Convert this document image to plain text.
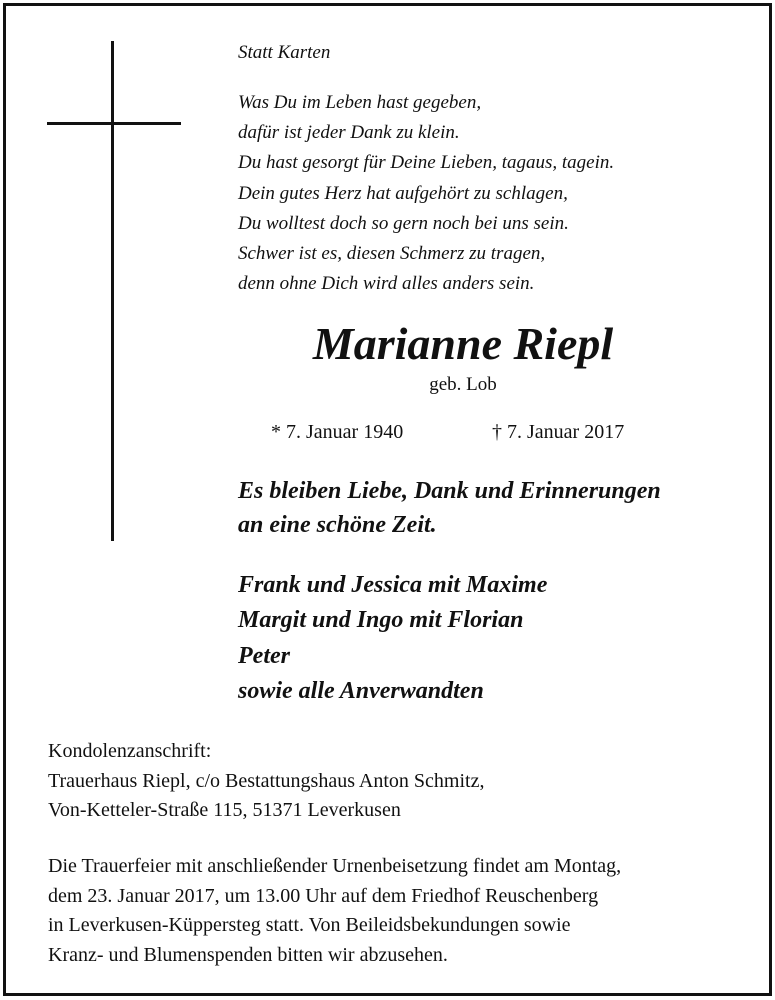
Statt Karten
Was Du im Leben hast gegeben,
dafür ist jeder Dank zu klein.
Du hast gesorgt für Deine Lieben, tagaus, tagein.
Dein gutes Herz hat aufgehört zu schlagen,
Du wolltest doch so gern noch bei uns sein.
Schwer ist es, diesen Schmerz zu tragen,
denn ohne Dich wird alles anders sein.
Marianne Riepl
geb. Lob
* 7. Januar 1940	† 7. Januar 2017
Es bleiben Liebe, Dank und Erinnerungen
an eine schöne Zeit.
Frank und Jessica mit Maxime
Margit und Ingo mit Florian
Peter
sowie alle Anverwandten
Kondolenzanschrift:
Trauerhaus Riepl, c/o Bestattungshaus Anton Schmitz,
Von-Ketteler-Straße 115, 51371 Leverkusen
Die Trauerfeier mit anschließender Urnenbeisetzung findet am Montag,
dem 23. Januar 2017, um 13.00 Uhr auf dem Friedhof Reuschenberg
in Leverkusen-Küppersteg statt. Von Beileidsbekundungen sowie
Kranz- und Blumenspenden bitten wir abzusehen.
